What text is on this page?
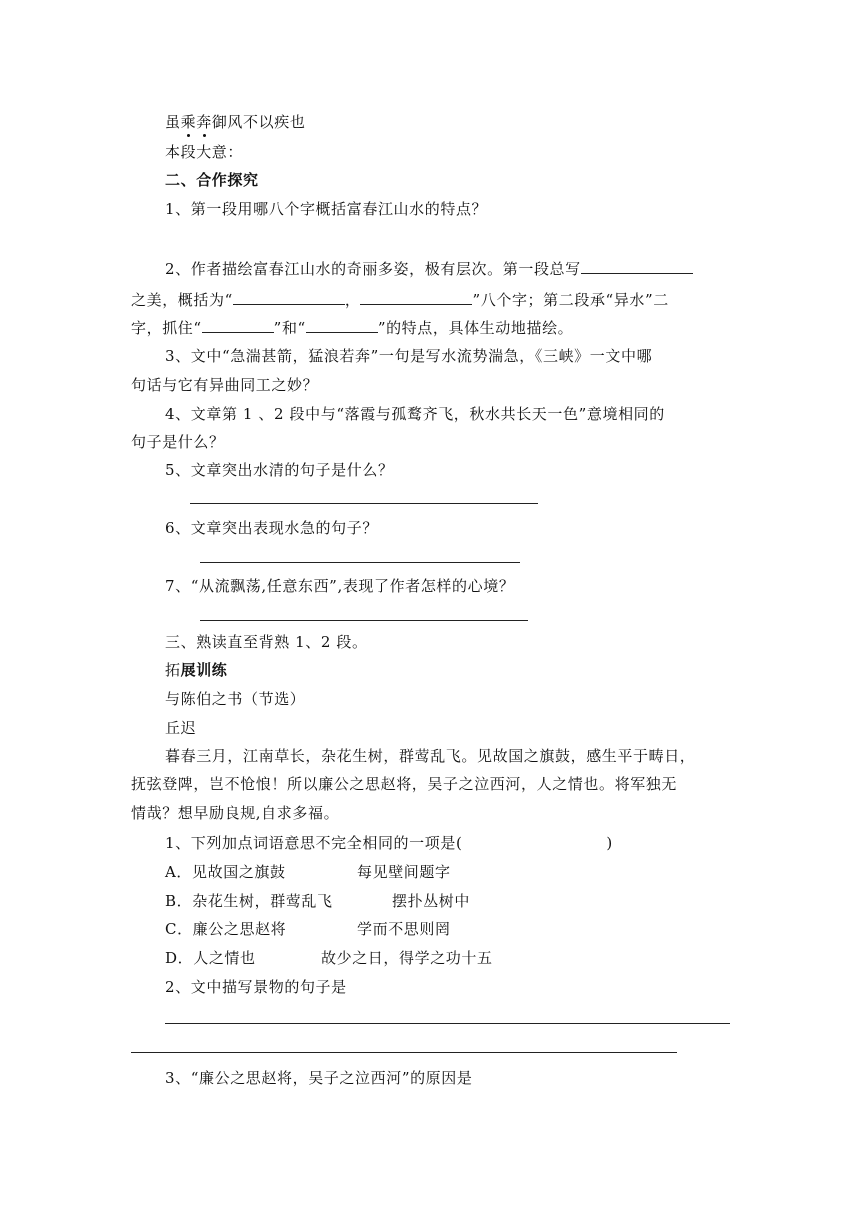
虽乘奔御风不以疾也
本段大意：
二、合作探究
1、第一段用哪八个字概括富春江山水的特点？
2、作者描绘富春江山水的奇丽多姿，极有层次。第一段总写
之美，概括为“	，	”八个字；第二段承“异水”二
字，抓住“	”和“	”的特点，具体生动地描绘。
3、文中“急湍甚箭，猛浪若奔”一句是写水流势湍急，《三峡》一文中哪
句话与它有异曲同工之妙？
4、文章第 1 、2 段中与“落霞与孤鹜齐飞，秋水共长天一色”意境相同的
句子是什么？
5、文章突出水清的句子是什么？
6、文章突出表现水急的句子？
7、“从流飘荡,任意东西”,表现了作者怎样的心境？
三、熟读直至背熟 1、2 段。
拓展训练
与陈伯之书（节选）
丘迟
暮春三月，江南草长，杂花生树，群莺乱飞。见故国之旗鼓，感生平于畴日，
抚弦登陴，岂不怆悢！所以廉公之思赵将，吴子之泣西河，人之情也。将军独无
情哉？想早励良规,自求多福。
1、下列加点词语意思不完全相同的一项是(	)
A．见故国之旗鼓	每见壁间题字
B．杂花生树，群莺乱飞	摆扑丛树中
C．廉公之思赵将	学而不思则罔
D．人之情也	故少之日，得学之功十五
2、文中描写景物的句子是
3、“廉公之思赵将，吴子之泣西河”的原因是
